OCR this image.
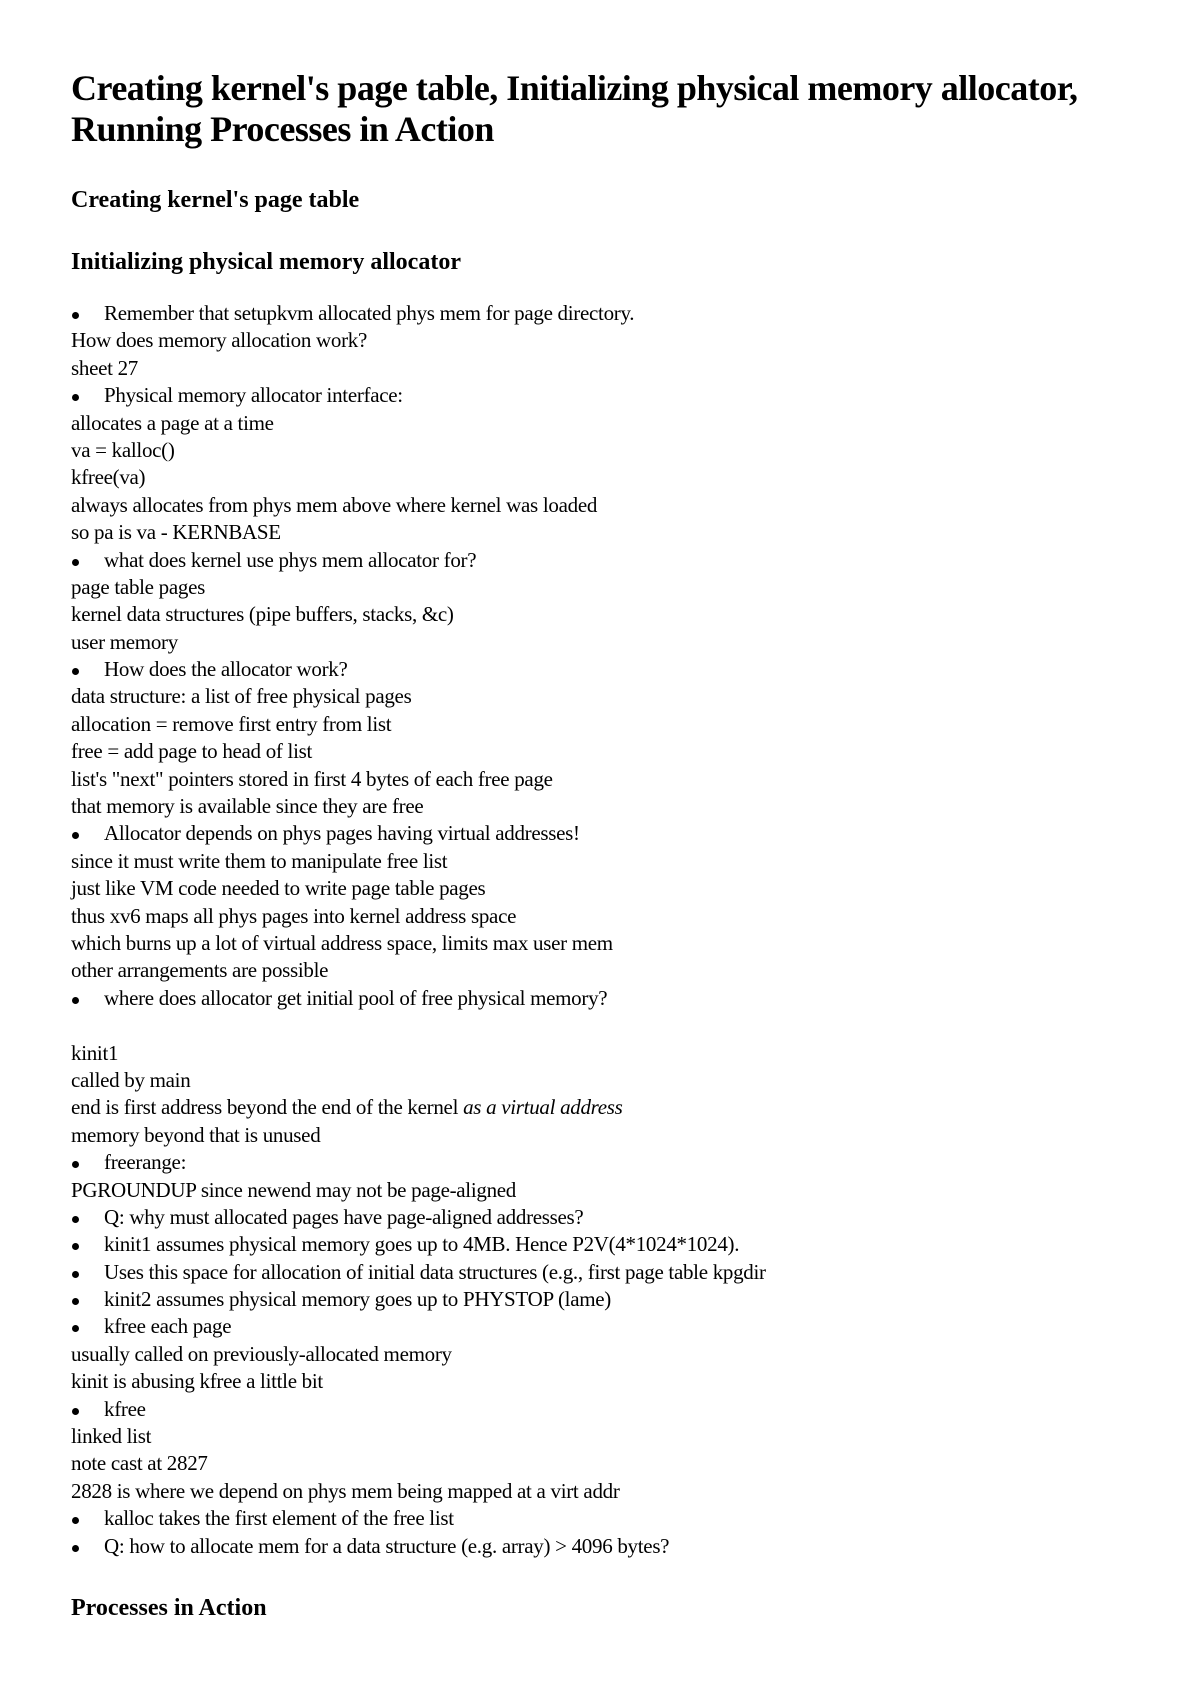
Creating kernel's page table, Initializing physical memory allocator,
Running Processes in Action
Creating kernel's page table
Initializing physical memory allocator
Remember that setupkvm allocated phys mem for page directory.
How does memory allocation work?
sheet 27
Physical memory allocator interface:
allocates a page at a time
va = kalloc()
kfree(va)
always allocates from phys mem above where kernel was loaded
so pa is va - KERNBASE
what does kernel use phys mem allocator for?
page table pages
kernel data structures (pipe buffers, stacks, &c)
user memory
How does the allocator work?
data structure: a list of free physical pages
allocation = remove first entry from list
free = add page to head of list
list's "next" pointers stored in first 4 bytes of each free page
that memory is available since they are free
Allocator depends on phys pages having virtual addresses!
since it must write them to manipulate free list
just like VM code needed to write page table pages
thus xv6 maps all phys pages into kernel address space
which burns up a lot of virtual address space, limits max user mem
other arrangements are possible
where does allocator get initial pool of free physical memory?
kinit1
called by main
end is first address beyond the end of the kernel as a virtual address
memory beyond that is unused
freerange:
PGROUNDUP since newend may not be page-aligned
Q: why must allocated pages have page-aligned addresses?
kinit1 assumes physical memory goes up to 4MB. Hence P2V(4*1024*1024).
Uses this space for allocation of initial data structures (e.g., first page table kpgdir
kinit2 assumes physical memory goes up to PHYSTOP (lame)
kfree each page
usually called on previously-allocated memory
kinit is abusing kfree a little bit
kfree
linked list
note cast at 2827
2828 is where we depend on phys mem being mapped at a virt addr
kalloc takes the first element of the free list
Q: how to allocate mem for a data structure (e.g. array) > 4096 bytes?
Processes in Action
